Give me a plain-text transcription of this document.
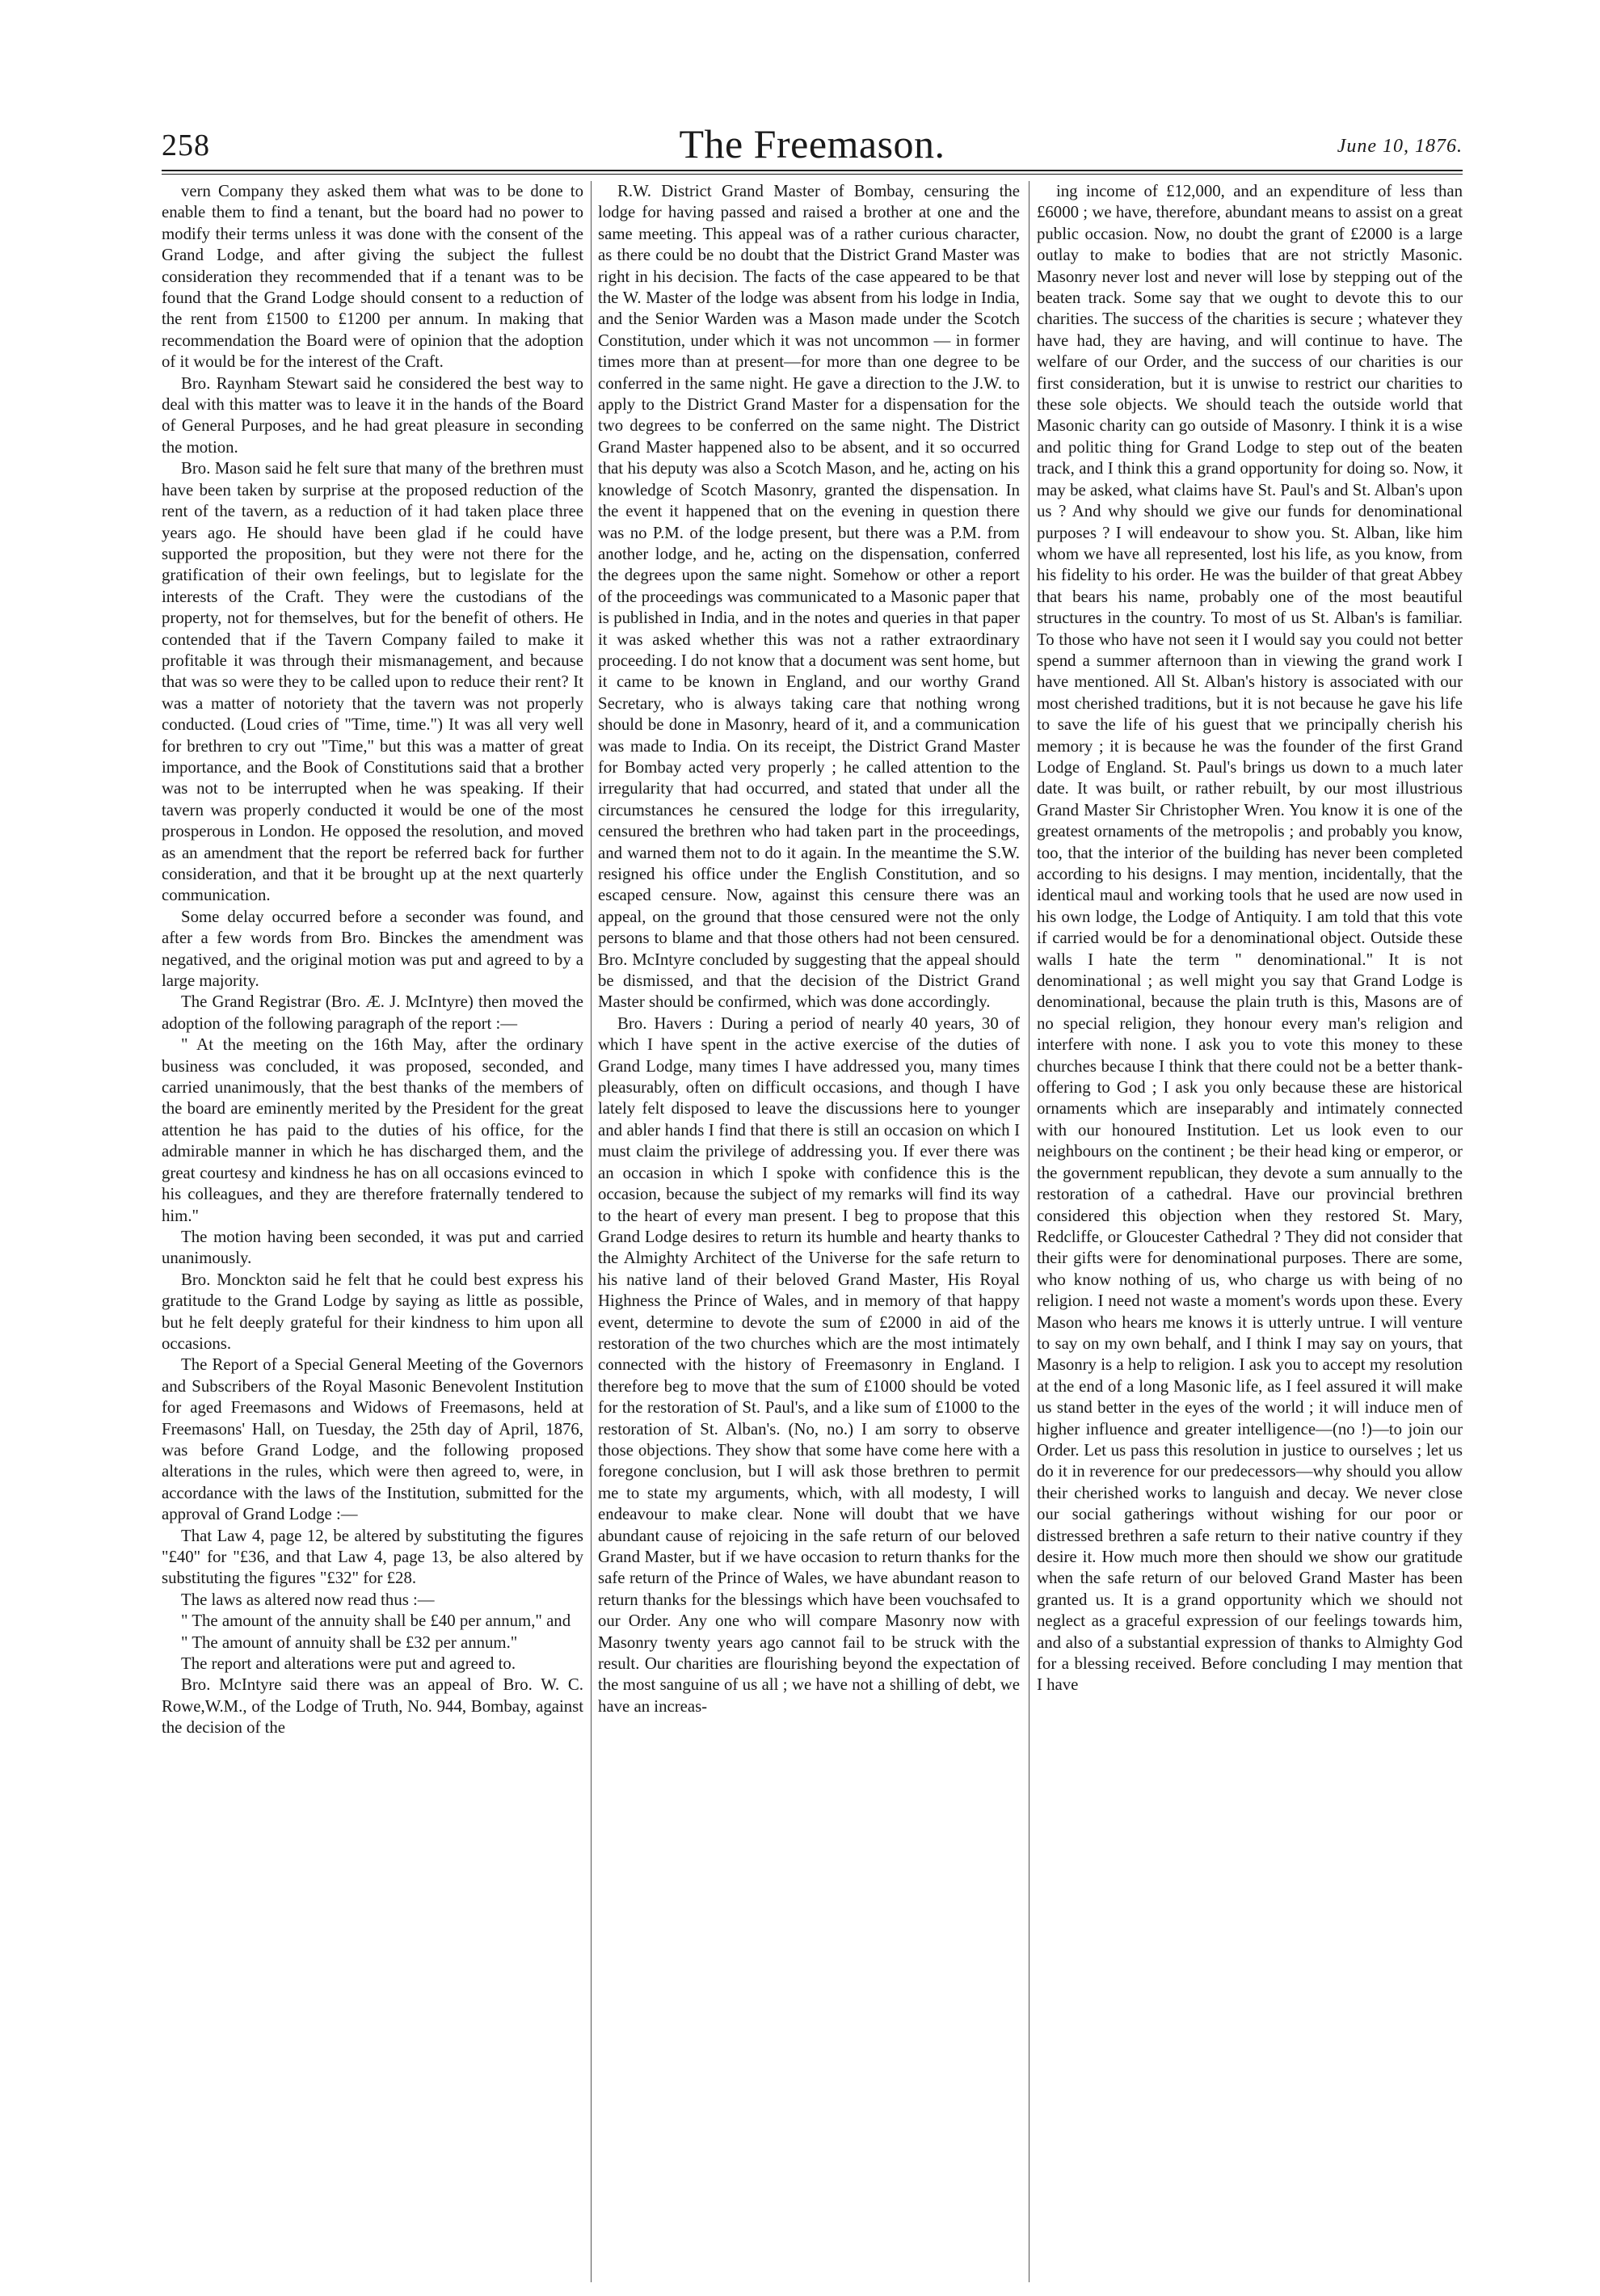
258	The Freemason.	June 10, 1876.

vern Company they asked them what was to be done to enable them to find a tenant, but the board had no power to modify their terms unless it was done with the consent of the Grand Lodge, and after giving the subject the fullest consideration they recommended that if a tenant was to be found that the Grand Lodge should consent to a reduction of the rent from £1500 to £1200 per annum. In making that recommendation the Board were of opinion that the adoption of it would be for the interest of the Craft.

Bro. Raynham Stewart said he considered the best way to deal with this matter was to leave it in the hands of the Board of General Purposes, and he had great pleasure in seconding the motion.

Bro. Mason said he felt sure that many of the brethren must have been taken by surprise at the proposed reduction of the rent of the tavern, as a reduction of it had taken place three years ago. He should have been glad if he could have supported the proposition, but they were not there for the gratification of their own feelings, but to legislate for the interests of the Craft. They were the custodians of the property, not for themselves, but for the benefit of others. He contended that if the Tavern Company failed to make it profitable it was through their mismanagement, and because that was so were they to be called upon to reduce their rent? It was a matter of notoriety that the tavern was not properly conducted. (Loud cries of "Time, time.") It was all very well for brethren to cry out "Time," but this was a matter of great importance, and the Book of Constitutions said that a brother was not to be interrupted when he was speaking. If their tavern was properly conducted it would be one of the most prosperous in London. He opposed the resolution, and moved as an amendment that the report be referred back for further consideration, and that it be brought up at the next quarterly communication.

Some delay occurred before a seconder was found, and after a few words from Bro. Binckes the amendment was negatived, and the original motion was put and agreed to by a large majority.

The Grand Registrar (Bro. Æ. J. McIntyre) then moved the adoption of the following paragraph of the report :—

" At the meeting on the 16th May, after the ordinary business was concluded, it was proposed, seconded, and carried unanimously, that the best thanks of the members of the board are eminently merited by the President for the great attention he has paid to the duties of his office, for the admirable manner in which he has discharged them, and the great courtesy and kindness he has on all occasions evinced to his colleagues, and they are therefore fraternally tendered to him."

The motion having been seconded, it was put and carried unanimously.

Bro. Monckton said he felt that he could best express his gratitude to the Grand Lodge by saying as little as possible, but he felt deeply grateful for their kindness to him upon all occasions.

The Report of a Special General Meeting of the Governors and Subscribers of the Royal Masonic Benevolent Institution for aged Freemasons and Widows of Freemasons, held at Freemasons' Hall, on Tuesday, the 25th day of April, 1876, was before Grand Lodge, and the following proposed alterations in the rules, which were then agreed to, were, in accordance with the laws of the Institution, submitted for the approval of Grand Lodge :—

That Law 4, page 12, be altered by substituting the figures "£40" for "£36, and that Law 4, page 13, be also altered by substituting the figures "£32" for £28.

The laws as altered now read thus :—

" The amount of the annuity shall be £40 per annum," and

" The amount of annuity shall be £32 per annum."

The report and alterations were put and agreed to.

Bro. McIntyre said there was an appeal of Bro. W. C. Rowe,W.M., of the Lodge of Truth, No. 944, Bombay, against the decision of the

R.W. District Grand Master of Bombay, censuring the lodge for having passed and raised a brother at one and the same meeting. This appeal was of a rather curious character, as there could be no doubt that the District Grand Master was right in his decision. The facts of the case appeared to be that the W. Master of the lodge was absent from his lodge in India, and the Senior Warden was a Mason made under the Scotch Constitution, under which it was not uncommon — in former times more than at present—for more than one degree to be conferred in the same night. He gave a direction to the J.W. to apply to the District Grand Master for a dispensation for the two degrees to be conferred on the same night. The District Grand Master happened also to be absent, and it so occurred that his deputy was also a Scotch Mason, and he, acting on his knowledge of Scotch Masonry, granted the dispensation. In the event it happened that on the evening in question there was no P.M. of the lodge present, but there was a P.M. from another lodge, and he, acting on the dispensation, conferred the degrees upon the same night. Somehow or other a report of the proceedings was communicated to a Masonic paper that is published in India, and in the notes and queries in that paper it was asked whether this was not a rather extraordinary proceeding. I do not know that a document was sent home, but it came to be known in England, and our worthy Grand Secretary, who is always taking care that nothing wrong should be done in Masonry, heard of it, and a communication was made to India. On its receipt, the District Grand Master for Bombay acted very properly ; he called attention to the irregularity that had occurred, and stated that under all the circumstances he censured the lodge for this irregularity, censured the brethren who had taken part in the proceedings, and warned them not to do it again. In the meantime the S.W. resigned his office under the English Constitution, and so escaped censure. Now, against this censure there was an appeal, on the ground that those censured were not the only persons to blame and that those others had not been censured. Bro. McIntyre concluded by suggesting that the appeal should be dismissed, and that the decision of the District Grand Master should be confirmed, which was done accordingly.

Bro. Havers : During a period of nearly 40 years, 30 of which I have spent in the active exercise of the duties of Grand Lodge, many times I have addressed you, many times pleasurably, often on difficult occasions, and though I have lately felt disposed to leave the discussions here to younger and abler hands I find that there is still an occasion on which I must claim the privilege of addressing you. If ever there was an occasion in which I spoke with confidence this is the occasion, because the subject of my remarks will find its way to the heart of every man present. I beg to propose that this Grand Lodge desires to return its humble and hearty thanks to the Almighty Architect of the Universe for the safe return to his native land of their beloved Grand Master, His Royal Highness the Prince of Wales, and in memory of that happy event, determine to devote the sum of £2000 in aid of the restoration of the two churches which are the most intimately connected with the history of Freemasonry in England. I therefore beg to move that the sum of £1000 should be voted for the restoration of St. Paul's, and a like sum of £1000 to the restoration of St. Alban's. (No, no.) I am sorry to observe those objections. They show that some have come here with a foregone conclusion, but I will ask those brethren to permit me to state my arguments, which, with all modesty, I will endeavour to make clear. None will doubt that we have abundant cause of rejoicing in the safe return of our beloved Grand Master, but if we have occasion to return thanks for the safe return of the Prince of Wales, we have abundant reason to return thanks for the blessings which have been vouchsafed to our Order. Any one who will compare Masonry now with Masonry twenty years ago cannot fail to be struck with the result. Our charities are flourishing beyond the expectation of the most sanguine of us all ; we have not a shilling of debt, we have an increas-

ing income of £12,000, and an expenditure of less than £6000 ; we have, therefore, abundant means to assist on a great public occasion. Now, no doubt the grant of £2000 is a large outlay to make to bodies that are not strictly Masonic. Masonry never lost and never will lose by stepping out of the beaten track. Some say that we ought to devote this to our charities. The success of the charities is secure ; whatever they have had, they are having, and will continue to have. The welfare of our Order, and the success of our charities is our first consideration, but it is unwise to restrict our charities to these sole objects. We should teach the outside world that Masonic charity can go outside of Masonry. I think it is a wise and politic thing for Grand Lodge to step out of the beaten track, and I think this a grand opportunity for doing so. Now, it may be asked, what claims have St. Paul's and St. Alban's upon us ? And why should we give our funds for denominational purposes ? I will endeavour to show you. St. Alban, like him whom we have all represented, lost his life, as you know, from his fidelity to his order. He was the builder of that great Abbey that bears his name, probably one of the most beautiful structures in the country. To most of us St. Alban's is familiar. To those who have not seen it I would say you could not better spend a summer afternoon than in viewing the grand work I have mentioned. All St. Alban's history is associated with our most cherished traditions, but it is not because he gave his life to save the life of his guest that we principally cherish his memory ; it is because he was the founder of the first Grand Lodge of England. St. Paul's brings us down to a much later date. It was built, or rather rebuilt, by our most illustrious Grand Master Sir Christopher Wren. You know it is one of the greatest ornaments of the metropolis ; and probably you know, too, that the interior of the building has never been completed according to his designs. I may mention, incidentally, that the identical maul and working tools that he used are now used in his own lodge, the Lodge of Antiquity. I am told that this vote if carried would be for a denominational object. Outside these walls I hate the term " denominational." It is not denominational ; as well might you say that Grand Lodge is denominational, because the plain truth is this, Masons are of no special religion, they honour every man's religion and interfere with none. I ask you to vote this money to these churches because I think that there could not be a better thank-offering to God ; I ask you only because these are historical ornaments which are inseparably and intimately connected with our honoured Institution. Let us look even to our neighbours on the continent ; be their head king or emperor, or the government republican, they devote a sum annually to the restoration of a cathedral. Have our provincial brethren considered this objection when they restored St. Mary, Redcliffe, or Gloucester Cathedral ? They did not consider that their gifts were for denominational purposes. There are some, who know nothing of us, who charge us with being of no religion. I need not waste a moment's words upon these. Every Mason who hears me knows it is utterly untrue. I will venture to say on my own behalf, and I think I may say on yours, that Masonry is a help to religion. I ask you to accept my resolution at the end of a long Masonic life, as I feel assured it will make us stand better in the eyes of the world ; it will induce men of higher influence and greater intelligence—(no !)—to join our Order. Let us pass this resolution in justice to ourselves ; let us do it in reverence for our predecessors—why should you allow their cherished works to languish and decay. We never close our social gatherings without wishing for our poor or distressed brethren a safe return to their native country if they desire it. How much more then should we show our gratitude when the safe return of our beloved Grand Master has been granted us. It is a grand opportunity which we should not neglect as a graceful expression of our feelings towards him, and also of a substantial expression of thanks to Almighty God for a blessing received. Before concluding I may mention that I have
